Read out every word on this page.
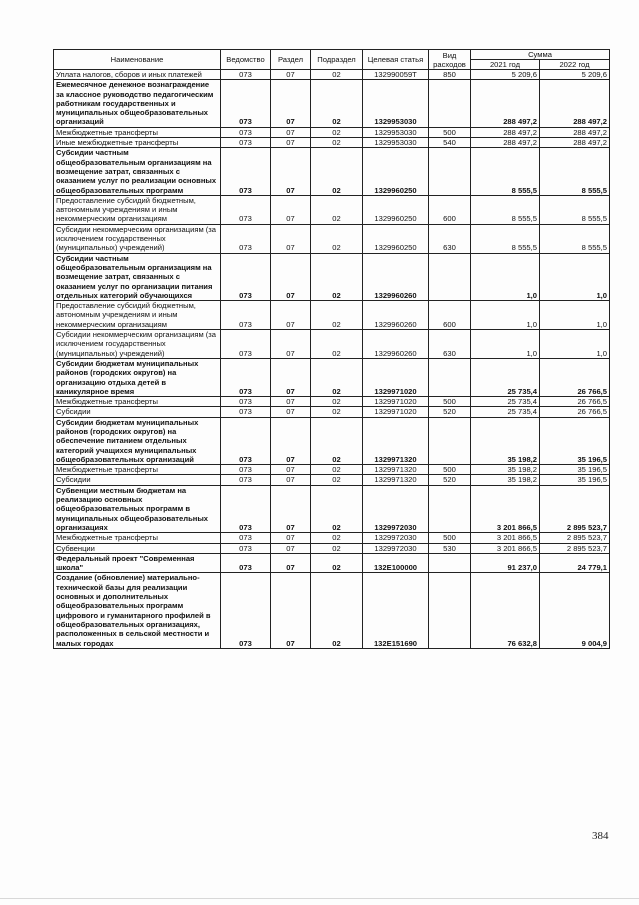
Наименование	Ведомство	Раздел	Подраздел	Целевая статья	Вид расходов	Сумма	
						2021 год	2022 год
Уплата налогов, сборов и иных платежей	073	07	02	132990059Т	850	5 209,6	5 209,6
Ежемесячное денежное вознаграждение за классное руководство педагогическим работникам государственных и муниципальных общеобразовательных организаций	073	07	02	1329953030		288 497,2	288 497,2
Межбюджетные трансферты	073	07	02	1329953030	500	288 497,2	288 497,2
Иные межбюджетные трансферты	073	07	02	1329953030	540	288 497,2	288 497,2
Субсидии частным общеобразовательным организациям на возмещение затрат, связанных с оказанием услуг по реализации основных общеобразовательных программ	073	07	02	1329960250		8 555,5	8 555,5
Предоставление субсидий бюджетным, автономным учреждениям и иным некоммерческим организациям	073	07	02	1329960250	600	8 555,5	8 555,5
Субсидии некоммерческим организациям (за исключением государственных (муниципальных) учреждений)	073	07	02	1329960250	630	8 555,5	8 555,5
Субсидии частным общеобразовательным организациям на возмещение затрат, связанных с оказанием услуг по организации питания отдельных категорий обучающихся	073	07	02	1329960260		1,0	1,0
Предоставление субсидий бюджетным, автономным учреждениям и иным некоммерческим организациям	073	07	02	1329960260	600	1,0	1,0
Субсидии некоммерческим организациям (за исключением государственных (муниципальных) учреждений)	073	07	02	1329960260	630	1,0	1,0
Субсидии бюджетам муниципальных районов (городских округов) на организацию отдыха детей в каникулярное время	073	07	02	1329971020		25 735,4	26 766,5
Межбюджетные трансферты	073	07	02	1329971020	500	25 735,4	26 766,5
Субсидии	073	07	02	1329971020	520	25 735,4	26 766,5
Субсидии бюджетам муниципальных районов (городских округов) на обеспечение питанием отдельных категорий учащихся муниципальных общеобразовательных организаций	073	07	02	1329971320		35 198,2	35 196,5
Межбюджетные трансферты	073	07	02	1329971320	500	35 198,2	35 196,5
Субсидии	073	07	02	1329971320	520	35 198,2	35 196,5
Субвенции местным бюджетам на реализацию основных общеобразовательных программ в муниципальных общеобразовательных организациях	073	07	02	1329972030		3 201 866,5	2 895 523,7
Межбюджетные трансферты	073	07	02	1329972030	500	3 201 866,5	2 895 523,7
Субвенции	073	07	02	1329972030	530	3 201 866,5	2 895 523,7
Федеральный проект "Современная школа"	073	07	02	132E100000		91 237,0	24 779,1
Создание (обновление) материально-технической базы для реализации основных и дополнительных общеобразовательных программ цифрового и гуманитарного профилей в общеобразовательных организациях, расположенных в сельской местности и малых городах	073	07	02	132E151690		76 632,8	9 004,9
384
